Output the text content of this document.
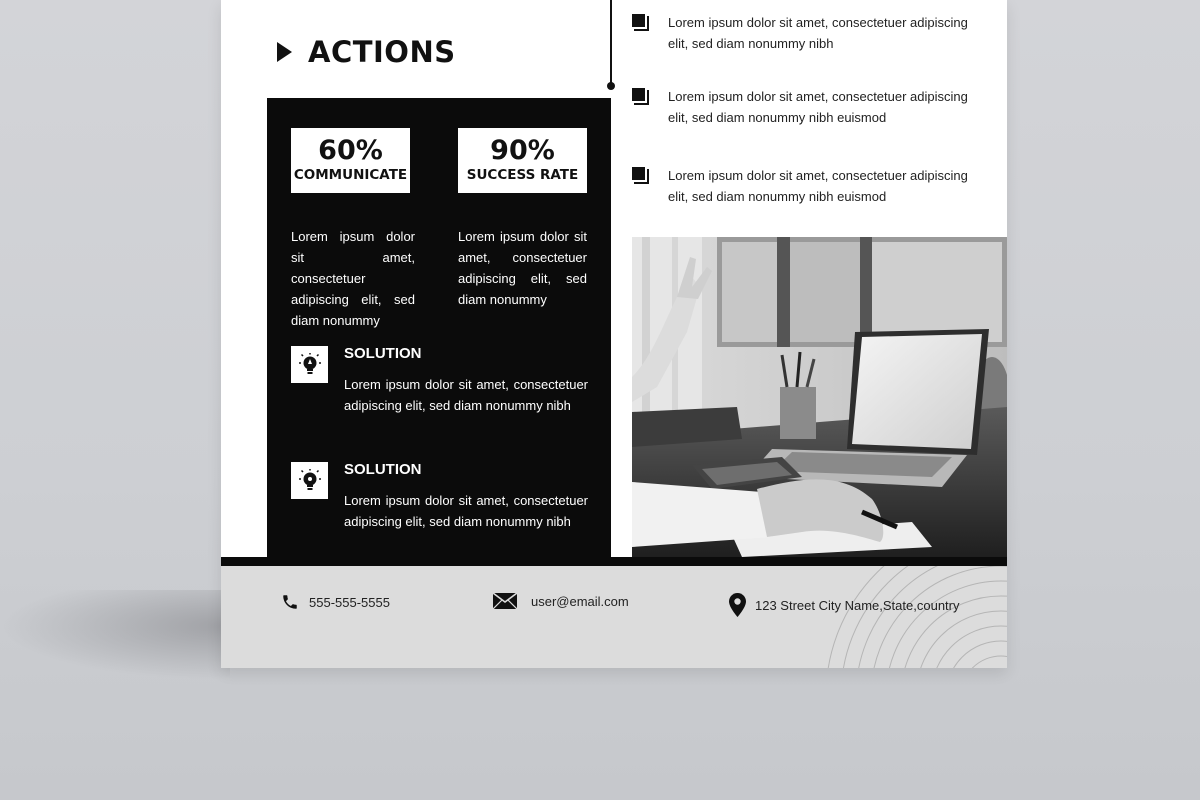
ACTIONS
60%
COMMUNICATE
90%
SUCCESS RATE

Lorem ipsum dolor sit amet, consectetuer adipiscing elit, sed diam nonummy

Lorem ipsum dolor sit amet, consectetuer adipiscing elit, sed diam nonummy

SOLUTION

Lorem ipsum dolor sit amet, consectetuer adipiscing elit, sed diam nonummy nibh

SOLUTION

Lorem ipsum dolor sit amet, consectetuer adipiscing elit, sed diam nonummy nibh

Lorem ipsum dolor sit amet, consectetuer adipiscing elit, sed diam nonummy nibh

Lorem ipsum dolor sit amet, consectetuer adipiscing elit, sed diam nonummy nibh euismod

Lorem ipsum dolor sit amet, consectetuer adipiscing elit, sed diam nonummy nibh euismod

555-555-5555	user@email.com	123 Street City Name,State,country
